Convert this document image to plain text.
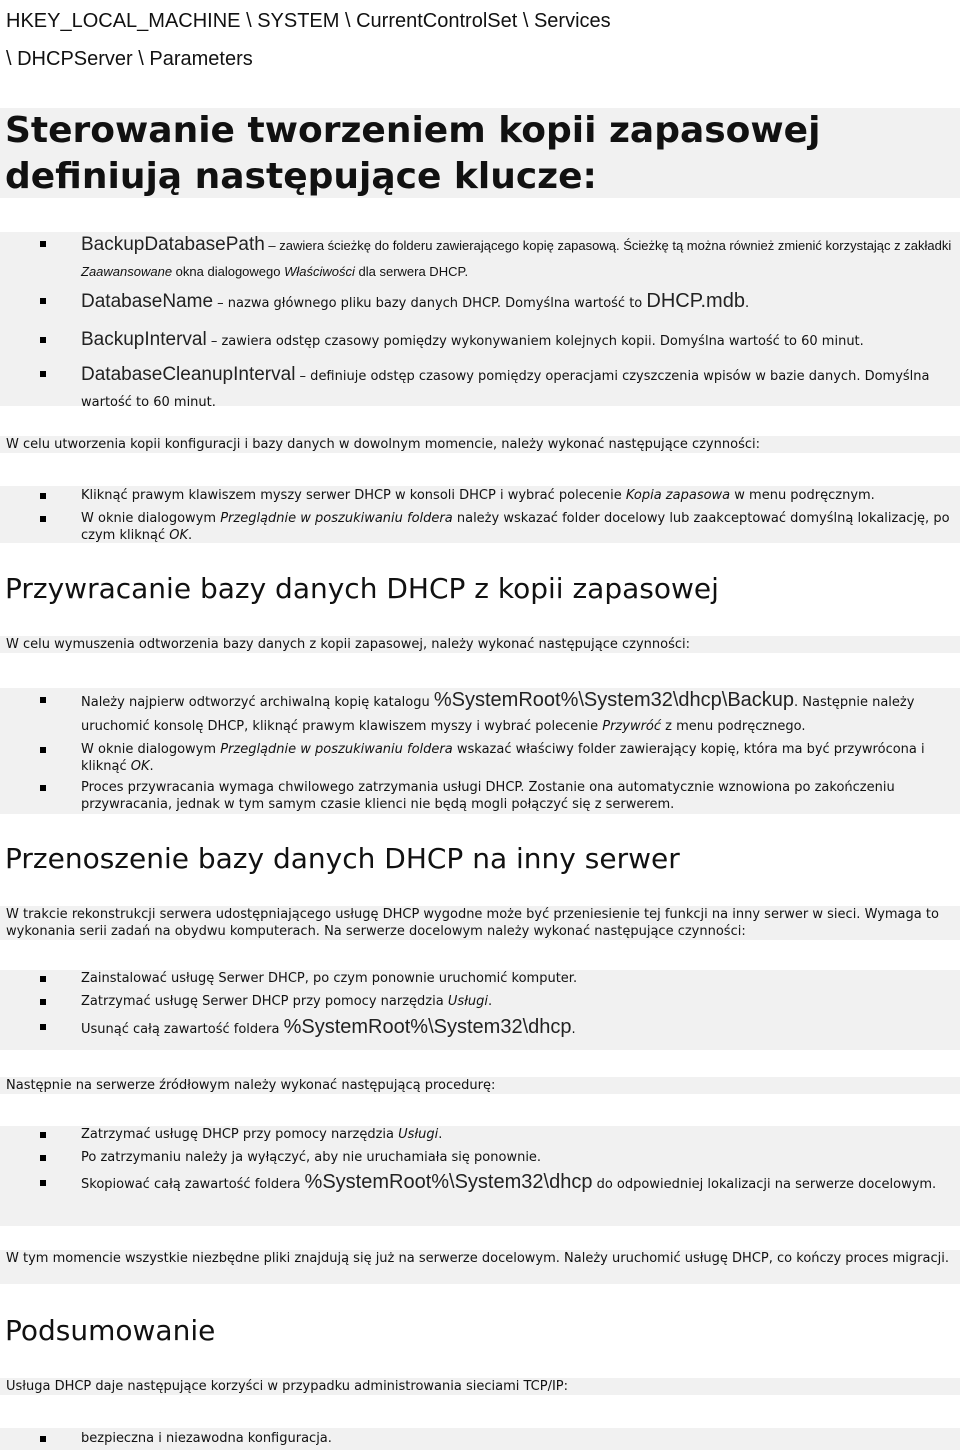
HKEY_LOCAL_MACHINE \ SYSTEM \ CurrentControlSet \ Services
\ DHCPServer \ Parameters
Sterowanie tworzeniem kopii zapasowej definiują następujące klucze:
BackupDatabasePath – zawiera ścieżkę do folderu zawierającego kopię zapasową. Ścieżkę tą można również zmienić korzystając z zakładki Zaawansowane okna dialogowego Właściwości dla serwera DHCP.
DatabaseName – nazwa głównego pliku bazy danych DHCP. Domyślna wartość to DHCP.mdb.
BackupInterval – zawiera odstęp czasowy pomiędzy wykonywaniem kolejnych kopii. Domyślna wartość to 60 minut.
DatabaseCleanupInterval – definiuje odstęp czasowy pomiędzy operacjami czyszczenia wpisów w bazie danych. Domyślna wartość to 60 minut.
W celu utworzenia kopii konfiguracji i bazy danych w dowolnym momencie, należy wykonać następujące czynności:
Kliknąć prawym klawiszem myszy serwer DHCP w konsoli DHCP i wybrać polecenie Kopia zapasowa w menu podręcznym.
W oknie dialogowym Przeglądnie w poszukiwaniu foldera należy wskazać folder docelowy lub zaakceptować domyślną lokalizację, po czym kliknąć OK.
Przywracanie bazy danych DHCP z kopii zapasowej
W celu wymuszenia odtworzenia bazy danych z kopii zapasowej, należy wykonać następujące czynności:
Należy najpierw odtworzyć archiwalną kopię katalogu %SystemRoot%\System32\dhcp\Backup. Następnie należy uruchomić konsolę DHCP, kliknąć prawym klawiszem myszy i wybrać polecenie Przywróć z menu podręcznego.
W oknie dialogowym Przeglądnie w poszukiwaniu foldera wskazać właściwy folder zawierający kopię, która ma być przywrócona i kliknąć OK.
Proces przywracania wymaga chwilowego zatrzymania usługi DHCP. Zostanie ona automatycznie wznowiona po zakończeniu przywracania, jednak w tym samym czasie klienci nie będą mogli połączyć się z serwerem.
Przenoszenie bazy danych DHCP na inny serwer
W trakcie rekonstrukcji serwera udostępniającego usługę DHCP wygodne może być przeniesienie tej funkcji na inny serwer w sieci. Wymaga to wykonania serii zadań na obydwu komputerach. Na serwerze docelowym należy wykonać następujące czynności:
Zainstalować usługę Serwer DHCP, po czym ponownie uruchomić komputer.
Zatrzymać usługę Serwer DHCP przy pomocy narzędzia Usługi.
Usunąć całą zawartość foldera %SystemRoot%\System32\dhcp.
Następnie na serwerze źródłowym należy wykonać następującą procedurę:
Zatrzymać usługę DHCP przy pomocy narzędzia Usługi.
Po zatrzymaniu należy ja wyłączyć, aby nie uruchamiała się ponownie.
Skopiować całą zawartość foldera %SystemRoot%\System32\dhcp do odpowiedniej lokalizacji na serwerze docelowym.
W tym momencie wszystkie niezbędne pliki znajdują się już na serwerze docelowym. Należy uruchomić usługę DHCP, co kończy proces migracji.
Podsumowanie
Usługa DHCP daje następujące korzyści w przypadku administrowania sieciami TCP/IP:
bezpieczna i niezawodna konfiguracja.
